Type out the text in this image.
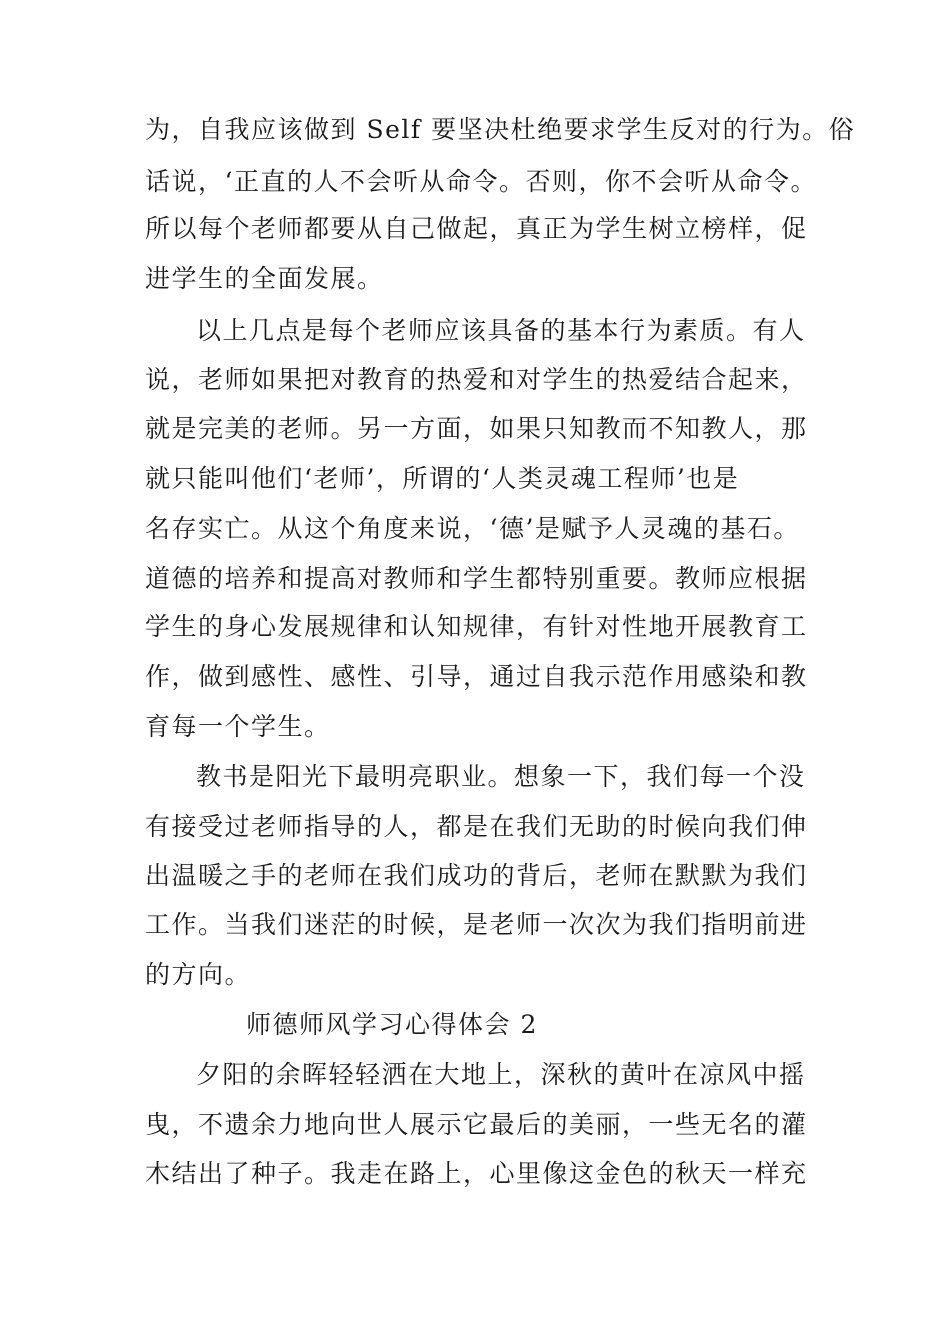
为，自我应该做到 Self 要坚决杜绝要求学生反对的行为。俗
话说，‘正直的人不会听从命令。否则，你不会听从命令。
所以每个老师都要从自己做起，真正为学生树立榜样，促
进学生的全面发展。
以上几点是每个老师应该具备的基本行为素质。有人
说，老师如果把对教育的热爱和对学生的热爱结合起来，
就是完美的老师。另一方面，如果只知教而不知教人，那
就只能叫他们‘老师’，所谓的‘人类灵魂工程师’也是
名存实亡。从这个角度来说，‘德’是赋予人灵魂的基石。
道德的培养和提高对教师和学生都特别重要。教师应根据
学生的身心发展规律和认知规律，有针对性地开展教育工
作，做到感性、感性、引导，通过自我示范作用感染和教
育每一个学生。
教书是阳光下最明亮职业。想象一下，我们每一个没
有接受过老师指导的人，都是在我们无助的时候向我们伸
出温暖之手的老师在我们成功的背后，老师在默默为我们
工作。当我们迷茫的时候，是老师一次次为我们指明前进
的方向。
师德师风学习心得体会 2
夕阳的余晖轻轻洒在大地上，深秋的黄叶在凉风中摇
曳，不遗余力地向世人展示它最后的美丽，一些无名的灌
木结出了种子。我走在路上，心里像这金色的秋天一样充
